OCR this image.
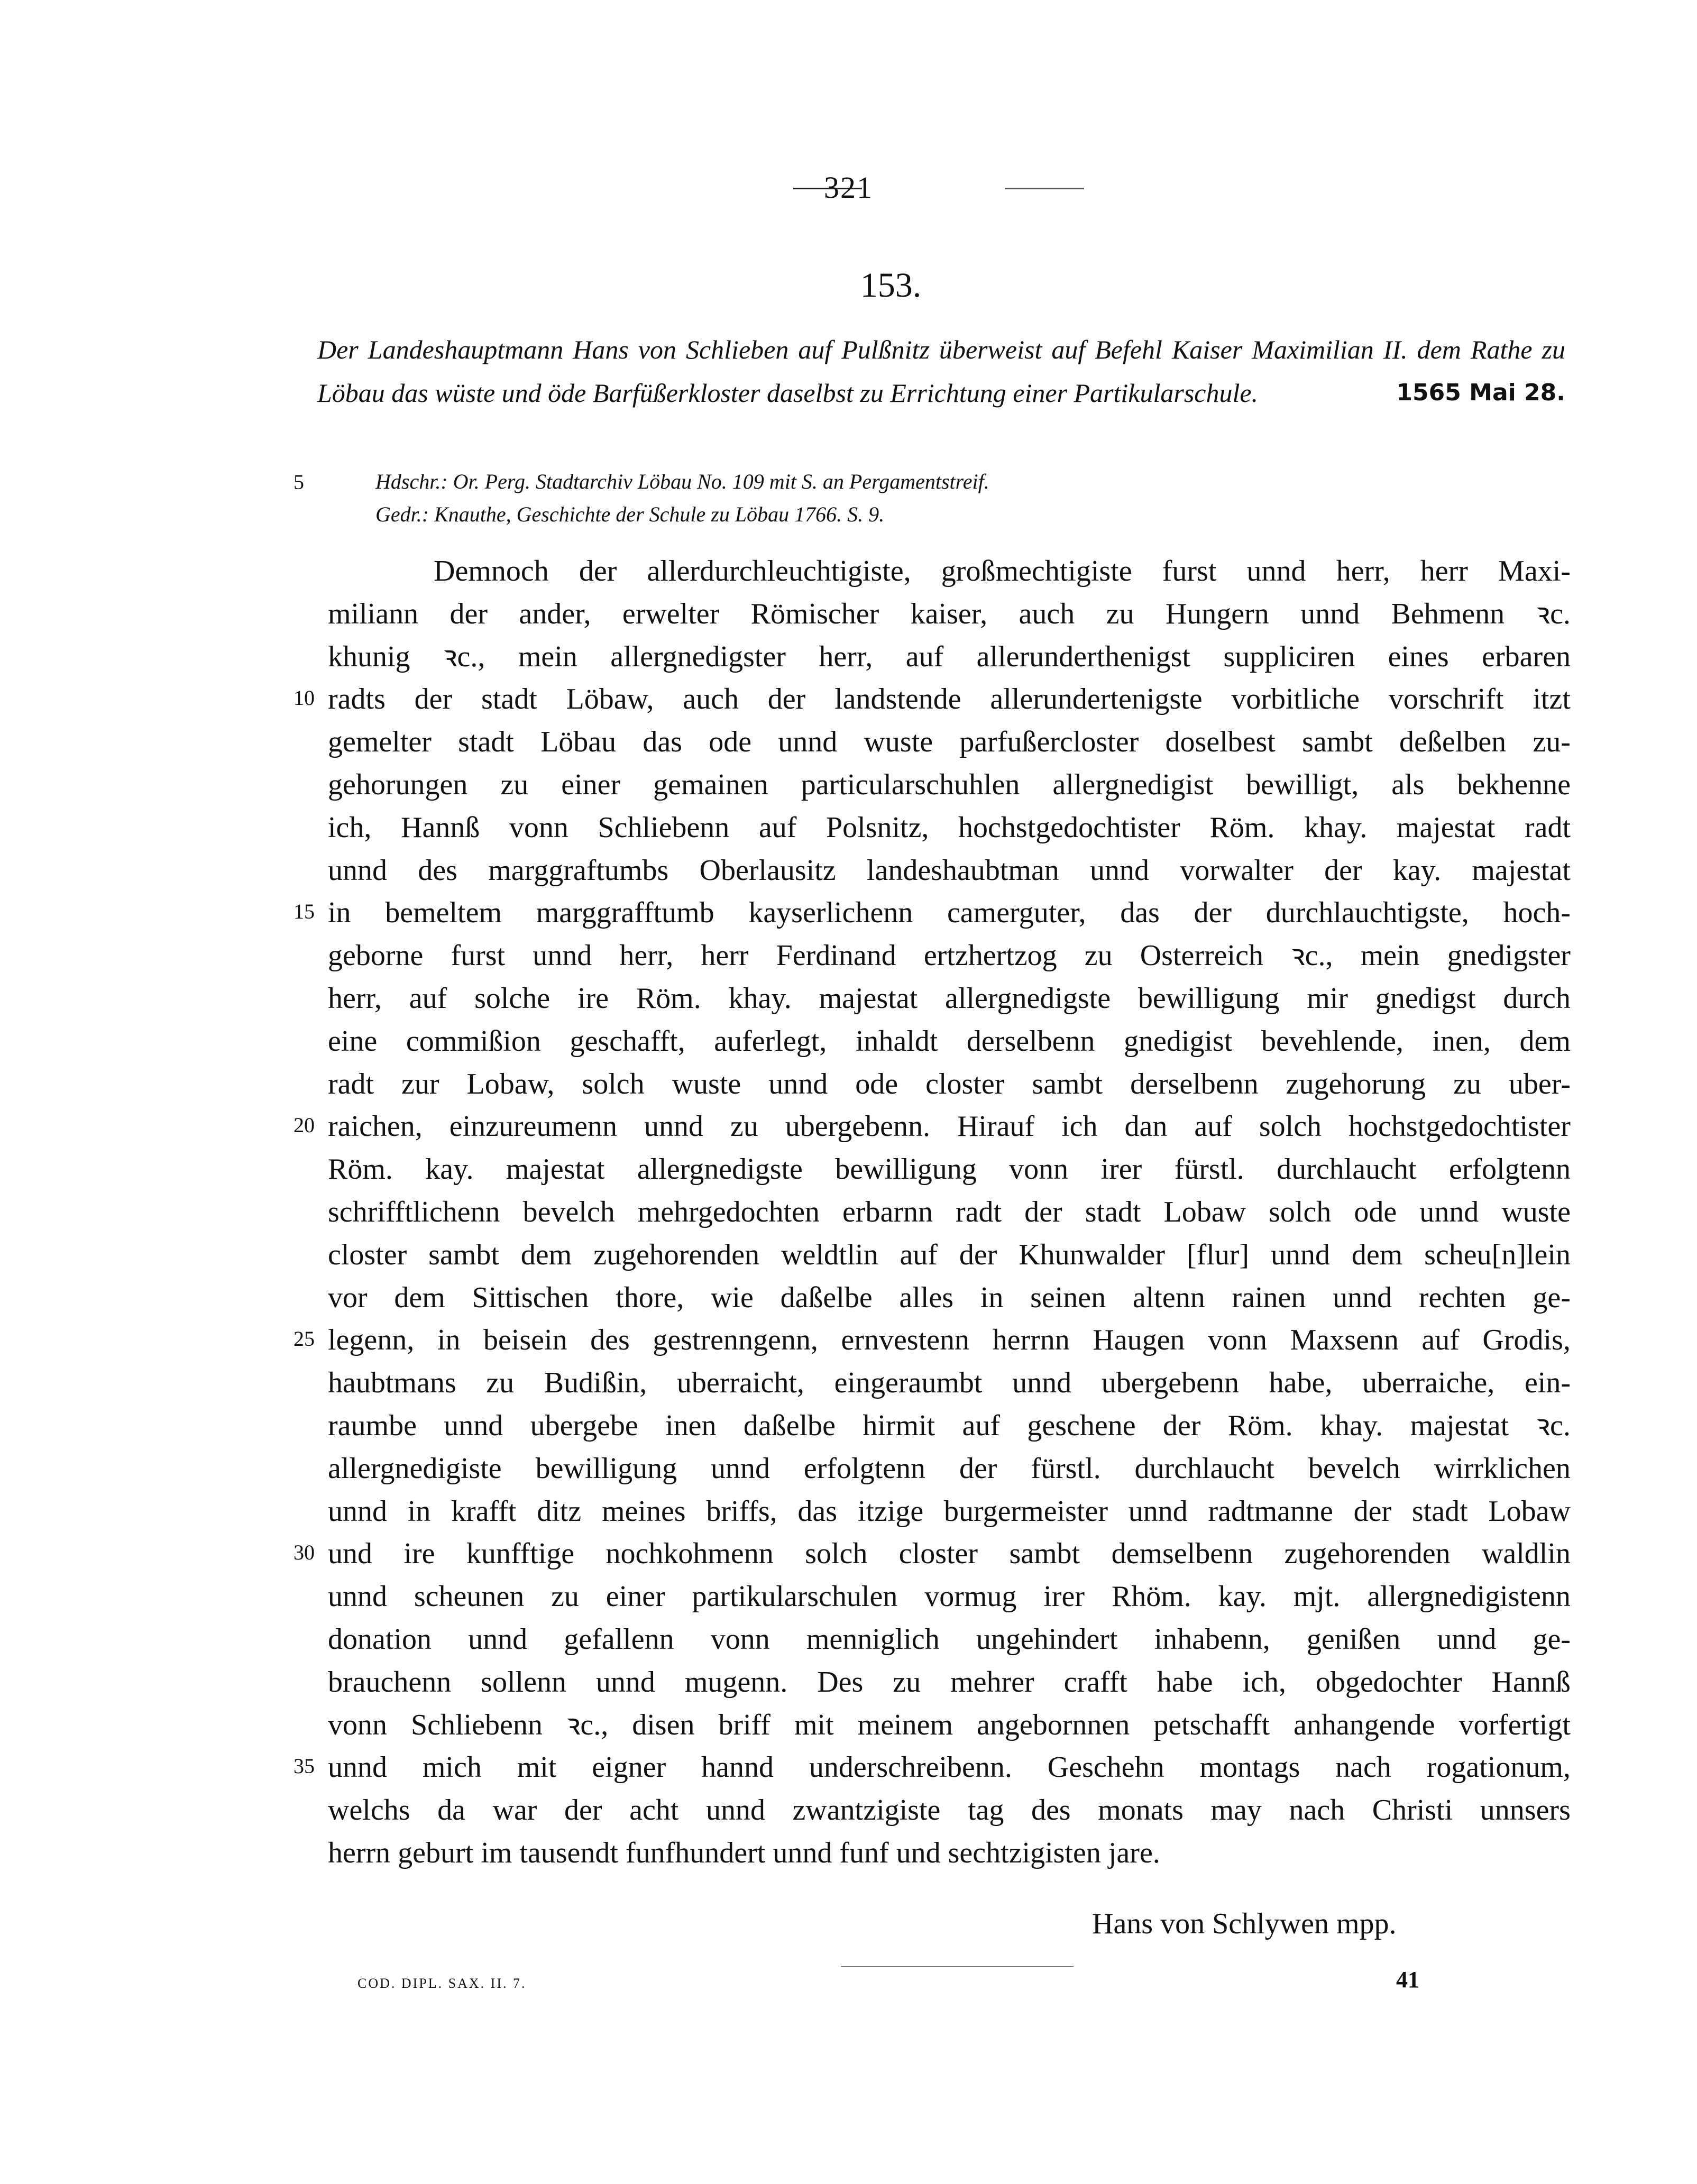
321
153.
Der Landeshauptmann Hans von Schlieben auf Pulßnitz überweist auf Befehl Kaiser Maximilian II. dem Rathe zu Löbau das wüste und öde Barfüßerkloster daselbst zu Errichtung einer Partikularschule.	1565 Mai 28.
5	Hdschr.: Or. Perg. Stadtarchiv Löbau No. 109 mit S. an Pergamentstreif.
Gedr.: Knauthe, Geschichte der Schule zu Löbau 1766. S. 9.
Demnoch der allerdurchleuchtigiste, großmechtigiste furst unnd herr, herr Maxi-
miliann der ander, erwelter Römischer kaiser, auch zu Hungern unnd Behmenn ꝛc.
khunig ꝛc., mein allergnedigster herr, auf allerunderthenigst suppliciren eines erbaren
radts der stadt Löbaw, auch der landstende allerundertenigste vorbitliche vorschrift itzt
gemelter stadt Löbau das ode unnd wuste parfußercloster doselbest sambt deßelben zu-
gehorungen zu einer gemainen particularschuhlen allergnedigist bewilligt, als bekhenne
ich, Hannß vonn Schliebenn auf Polsnitz, hochstgedochtister Röm. khay. majestat radt
unnd des marggraftumbs Oberlausitz landeshaubtman unnd vorwalter der kay. majestat
in bemeltem marggrafftumb kayserlichenn camerguter, das der durchlauchtigste, hoch-
geborne furst unnd herr, herr Ferdinand ertzhertzog zu Osterreich ꝛc., mein gnedigster
herr, auf solche ire Röm. khay. majestat allergnedigste bewilligung mir gnedigst durch
eine commißion geschafft, auferlegt, inhaldt derselbenn gnedigist bevehlende, inen, dem
radt zur Lobaw, solch wuste unnd ode closter sambt derselbenn zugehorung zu uber-
raichen, einzureumenn unnd zu ubergebenn. Hirauf ich dan auf solch hochstgedochtister
Röm. kay. majestat allergnedigste bewilligung vonn irer fürstl. durchlaucht erfolgtenn
schrifftlichenn bevelch mehrgedochten erbarnn radt der stadt Lobaw solch ode unnd wuste
closter sambt dem zugehorenden weldtlin auf der Khunwalder [flur] unnd dem scheu[n]lein
vor dem Sittischen thore, wie daßelbe alles in seinen altenn rainen unnd rechten ge-
legenn, in beisein des gestrenngenn, ernvestenn herrnn Haugen vonn Maxsenn auf Grodis,
haubtmans zu Budißin, uberraicht, eingeraumbt unnd ubergebenn habe, uberraiche, ein-
raumbe unnd ubergebe inen daßelbe hirmit auf geschene der Röm. khay. majestat ꝛc.
allergnedigiste bewilligung unnd erfolgtenn der fürstl. durchlaucht bevelch wirrklichen
unnd in krafft ditz meines briffs, das itzige burgermeister unnd radtmanne der stadt Lobaw
und ire kunfftige nochkohmenn solch closter sambt demselbenn zugehorenden waldlin
unnd scheunen zu einer partikularschulen vormug irer Rhöm. kay. mjt. allergnedigistenn
donation unnd gefallenn vonn menniglich ungehindert inhabenn, genißen unnd ge-
brauchenn sollenn unnd mugenn. Des zu mehrer crafft habe ich, obgedochter Hannß
vonn Schliebenn ꝛc., disen briff mit meinem angebornnen petschafft anhangende vorfertigt
unnd mich mit eigner hannd underschreibenn. Geschehn montags nach rogationum,
welchs da war der acht unnd zwantzigiste tag des monats may nach Christi unnsers
herrn geburt im tausendt funfhundert unnd funf und sechtzigisten jare.
Hans von Schlywen mpp.
COD. DIPL. SAX. II. 7.	41
10
15
20
25
30
35
